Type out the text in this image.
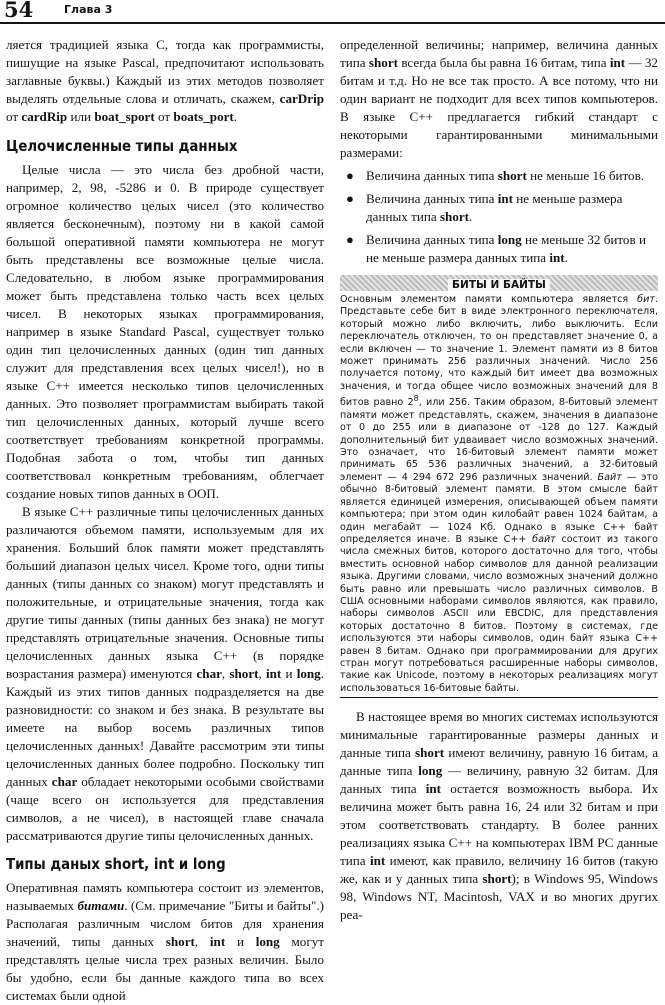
54	Глава 3

ляется традицией языка С, тогда как программисты, пишущие на языке Pascal, предпочитают использовать заглавные буквы.) Каждый из этих методов позволяет выделять отдельные слова и отличать, скажем, carDrip от cardRip или boat_sport от boats_port.

Целочисленные типы данных

Целые числа — это числа без дробной части, например, 2, 98, -5286 и 0. В природе существует огромное количество целых чисел (это количество является бесконечным), поэтому ни в какой самой большой оперативной памяти компьютера не могут быть представлены все возможные целые числа. Следовательно, в любом языке программирования может быть представлена только часть всех целых чисел. В некоторых языках программирования, например в языке Standard Pascal, существует только один тип целочисленных данных (один тип данных служит для представления всех целых чисел!), но в языке С++ имеется несколько типов целочисленных данных. Это позволяет программистам выбирать такой тип целочисленных данных, который лучше всего соответствует требованиям конкретной программы. Подобная забота о том, чтобы тип данных соответствовал конкретным требованиям, облегчает создание новых типов данных в ООП.

В языке С++ различные типы целочисленных данных различаются объемом памяти, используемым для их хранения. Больший блок памяти может представлять больший диапазон целых чисел. Кроме того, одни типы данных (типы данных со знаком) могут представлять и положительные, и отрицательные значения, тогда как другие типы данных (типы данных без знака) не могут представлять отрицательные значения. Основные типы целочисленных данных языка С++ (в порядке возрастания размера) именуются char, short, int и long. Каждый из этих типов данных подразделяется на две разновидности: со знаком и без знака. В результате вы имеете на выбор восемь различных типов целочисленных данных! Давайте рассмотрим эти типы целочисленных данных более подробно. Поскольку тип данных char обладает некоторыми особыми свойствами (чаще всего он используется для представления символов, а не чисел), в настоящей главе сначала рассматриваются другие типы целочисленных данных.

Типы даных short, int и long

Оперативная память компьютера состоит из элементов, называемых битами. (См. примечание "Биты и байты".) Располагая различным числом битов для хранения значений, типы данных short, int и long могут представлять целые числа трех разных величин. Было бы удобно, если бы данные каждого типа во всех системах были одной

определенной величины; например, величина данных типа short всегда была бы равна 16 битам, типа int — 32 битам и т.д. Но не все так просто. А все потому, что ни один вариант не подходит для всех типов компьютеров. В языке С++ предлагается гибкий стандарт с некоторыми гарантированными минимальными размерами:

● Величина данных типа short не меньше 16 битов.
● Величина данных типа int не меньше размера данных типа short.
● Величина данных типа long не меньше 32 битов и не меньше размера данных типа int.
БИТЫ И БАЙТЫ

Основным элементом памяти компьютера является бит. Представьте себе бит в виде электронного переключателя, который можно либо включить, либо выключить. Если переключатель отключен, то он представляет значение 0, а если включен — то значение 1. Элемент памяти из 8 битов может принимать 256 различных значений. Число 256 получается потому, что каждый бит имеет два возможных значения, и тогда общее число возможных значений для 8 битов равно $2^8$, или 256. Таким образом, 8-битовый элемент памяти может представлять, скажем, значения в диапазоне от 0 до 255 или в диапазоне от -128 до 127. Каждый дополнительный бит удваивает число возможных значений. Это означает, что 16-битовый элемент памяти может принимать 65 536 различных значений, а 32-битовый элемент — 4 294 672 296 различных значений. Байт — это обычно 8-битовый элемент памяти. В этом смысле байт является единицей измерения, описывающей объем памяти компьютера; при этом один килобайт равен 1024 байтам, а один мегабайт — 1024 Кб. Однако в языке С++ байт определяется иначе. В языке С++ байт состоит из такого числа смежных битов, которого достаточно для того, чтобы вместить основной набор символов для данной реализации языка. Другими словами, число возможных значений должно быть равно или превышать число различных символов. В США основными наборами символов являются, как правило, наборы символов ASCII или EBCDIC, для представления которых достаточно 8 битов. Поэтому в системах, где используются эти наборы символов, один байт языка С++ равен 8 битам. Однако при программировании для других стран могут потребоваться расширенные наборы символов, такие как Unicode, поэтому в некоторых реализациях могут использоваться 16-битовые байты.

В настоящее время во многих системах используются минимальные гарантированные размеры данных и данные типа short имеют величину, равную 16 битам, а данные типа long — величину, равную 32 битам. Для данных типа int остается возможность выбора. Их величина может быть равна 16, 24 или 32 битам и при этом соответствовать стандарту. В более ранних реализациях языка С++ на компьютерах IBM PC данные типа int имеют, как правило, величину 16 битов (такую же, как и у данных типа short); в Windows 95, Windows 98, Windows NT, Macintosh, VAX и во многих других реа-
